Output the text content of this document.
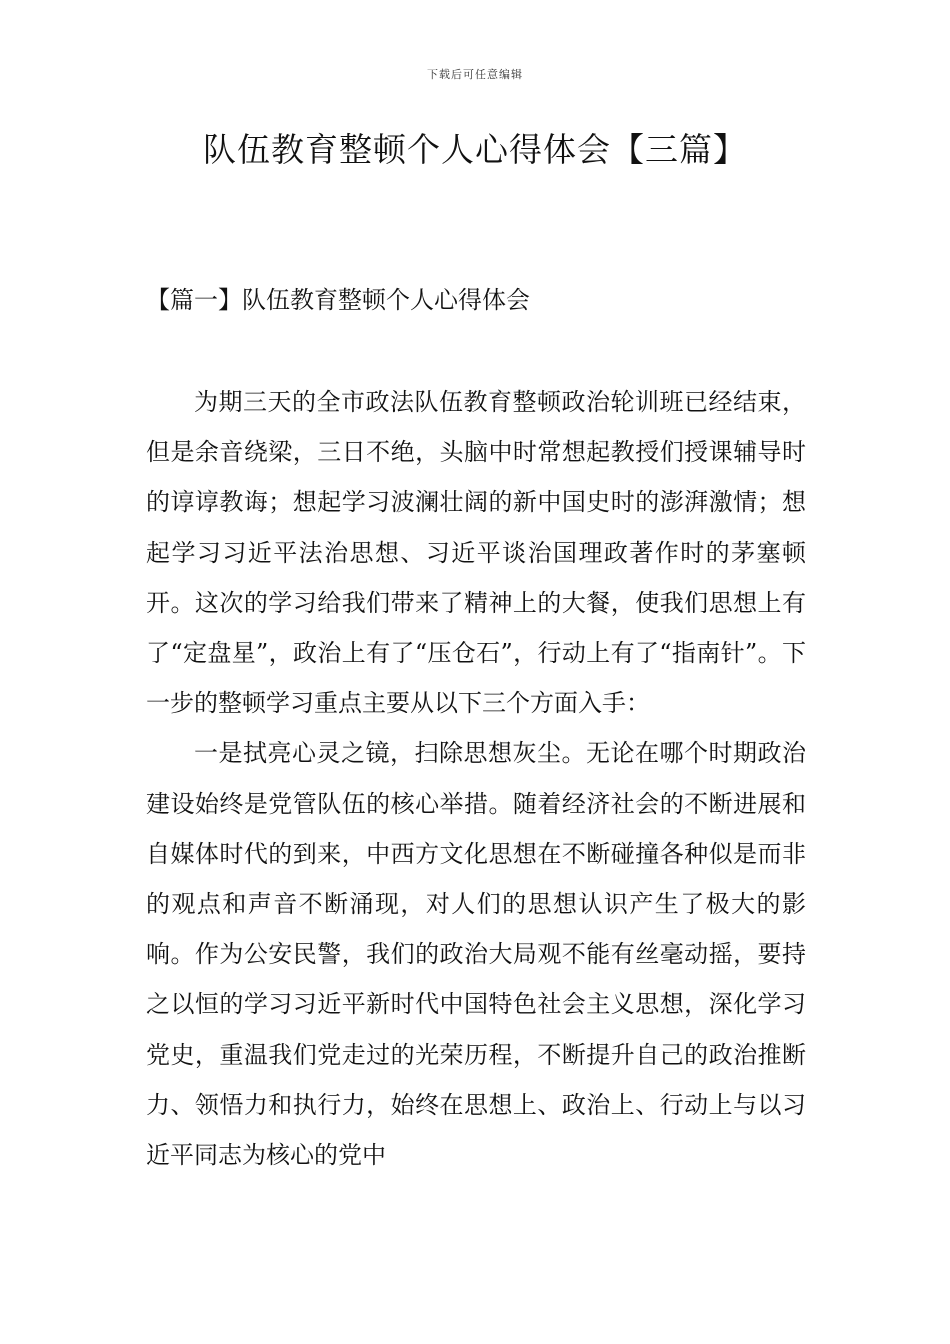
下载后可任意编辑
队伍教育整顿个人心得体会【三篇】
【篇一】队伍教育整顿个人心得体会

为期三天的全市政法队伍教育整顿政治轮训班已经结束，但是余音绕梁，三日不绝，头脑中时常想起教授们授课辅导时的谆谆教诲；想起学习波澜壮阔的新中国史时的澎湃激情；想起学习习近平法治思想、习近平谈治国理政著作时的茅塞顿开。这次的学习给我们带来了精神上的大餐，使我们思想上有了“定盘星”，政治上有了“压仓石”，行动上有了“指南针”。下一步的整顿学习重点主要从以下三个方面入手：

一是拭亮心灵之镜，扫除思想灰尘。无论在哪个时期政治建设始终是党管队伍的核心举措。随着经济社会的不断进展和自媒体时代的到来，中西方文化思想在不断碰撞各种似是而非的观点和声音不断涌现，对人们的思想认识产生了极大的影响。作为公安民警，我们的政治大局观不能有丝毫动摇，要持之以恒的学习习近平新时代中国特色社会主义思想，深化学习党史，重温我们党走过的光荣历程，不断提升自己的政治推断力、领悟力和执行力，始终在思想上、政治上、行动上与以习近平同志为核心的党中
